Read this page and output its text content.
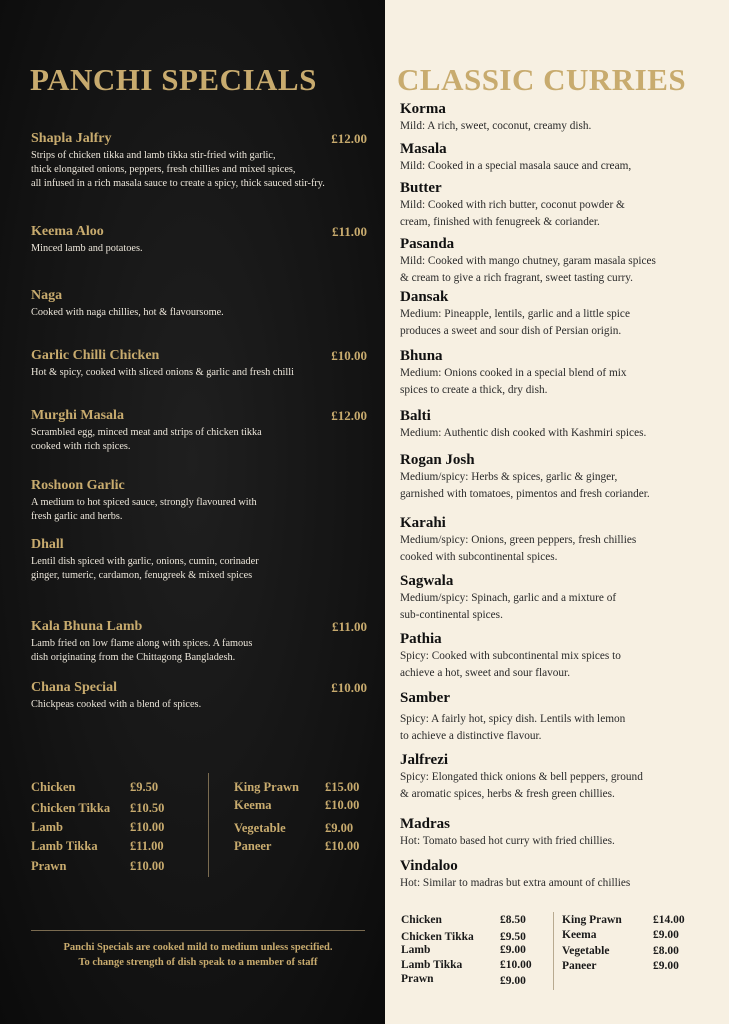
PANCHI SPECIALS	CLASSIC CURRIES
Shapla Jalfry	£12.00
Strips of chicken tikka and lamb tikka stir-fried with garlic,
thick elongated onions, peppers, fresh chillies and mixed spices,
all infused in a rich masala sauce to create a spicy, thick sauced stir-fry.
Keema Aloo	£11.00
Minced lamb and potatoes.
Naga
Cooked with naga chillies, hot & flavoursome.
Garlic Chilli Chicken	£10.00
Hot & spicy, cooked with sliced onions & garlic and fresh chilli
Murghi Masala	£12.00
Scrambled egg, minced meat and strips of chicken tikka
cooked with rich spices.
Roshoon Garlic
A medium to hot spiced sauce, strongly flavoured with
fresh garlic and herbs.
Dhall
Lentil dish spiced with garlic, onions, cumin, corinader
ginger, tumeric, cardamon, fenugreek & mixed spices
Kala Bhuna Lamb	£11.00
Lamb fried on low flame along with spices. A famous
dish originating from the Chittagong Bangladesh.
Chana Special	£10.00
Chickpeas cooked with a blend of spices.
Chicken	£9.50
Chicken Tikka £10.50
Lamb	£10.00
Lamb Tikka	£11.00
Prawn	£10.00
King Prawn £15.00
Keema	£10.00
Vegetable	£9.00
Paneer	£10.00
Panchi Specials are cooked mild to medium unless specified.
To change strength of dish speak to a member of staff
Korma
Mild: A rich, sweet, coconut, creamy dish.
Masala
Mild: Cooked in a special masala sauce and cream,
Butter
Mild: Cooked with rich butter, coconut powder &
cream, finished with fenugreek & coriander.
Pasanda
Mild: Cooked with mango chutney, garam masala spices
& cream to give a rich fragrant, sweet tasting curry.
Dansak
Medium: Pineapple, lentils, garlic and a little spice
produces a sweet and sour dish of Persian origin.
Bhuna
Medium: Onions cooked in a special blend of mix
spices to create a thick, dry dish.
Balti
Medium: Authentic dish cooked with Kashmiri spices.
Rogan Josh
Medium/spicy: Herbs & spices, garlic & ginger,
garnished with tomatoes, pimentos and fresh coriander.
Karahi
Medium/spicy: Onions, green peppers, fresh chillies
cooked with subcontinental spices.
Sagwala
Medium/spicy: Spinach, garlic and a mixture of
sub-continental spices.
Pathia
Spicy: Cooked with subcontinental mix spices to
achieve a hot, sweet and sour flavour.
Samber
Spicy: A fairly hot, spicy dish. Lentils with lemon
to achieve a distinctive flavour.
Jalfrezi
Spicy: Elongated thick onions & bell peppers, ground
& aromatic spices, herbs & fresh green chillies.
Madras
Hot: Tomato based hot curry with fried chillies.
Vindaloo
Hot: Similar to madras but extra amount of chillies
Chicken	£8.50
Chicken Tikka £9.50
Lamb	£9.00
Lamb Tikka	£10.00
Prawn	£9.00
King Prawn	£14.00
Keema	£9.00
Vegetable	£8.00
Paneer	£9.00
